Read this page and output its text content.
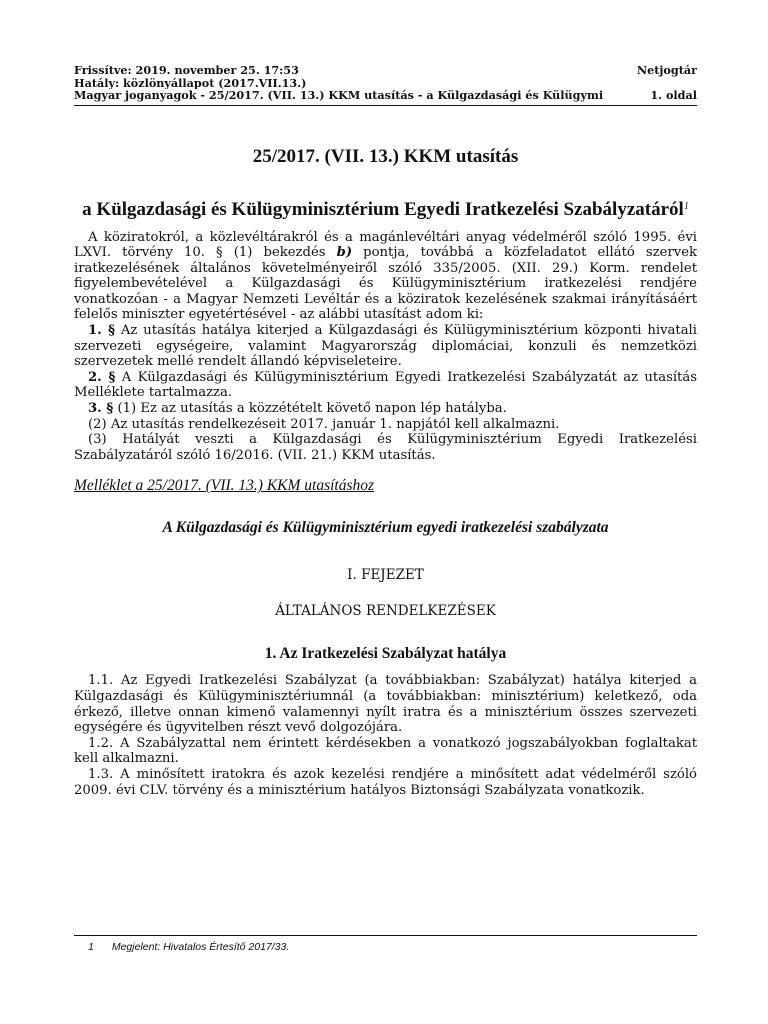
Frissítve: 2019. november 25. 17:53	Netjogtár
Hatály: közlönyállapot (2017.VII.13.)
Magyar joganyagok - 25/2017. (VII. 13.) KKM utasítás - a Külgazdasági és Külügymi	1. oldal
25/2017. (VII. 13.) KKM utasítás
a Külgazdasági és Külügyminisztérium Egyedi Iratkezelési Szabályzatáról$^1$

A köziratokról, a közlevéltárakról és a magánlevéltári anyag védelméről szóló 1995. évi LXVI. törvény 10. § (1) bekezdés b) pontja, továbbá a közfeladatot ellátó szervek iratkezelésének általános követelményeiről szóló 335/2005. (XII. 29.) Korm. rendelet figyelembevételével a Külgazdasági és Külügyminisztérium iratkezelési rendjére vonatkozóan - a Magyar Nemzeti Levéltár és a köziratok kezelésének szakmai irányításáért felelős miniszter egyetértésével - az alábbi utasítást adom ki:

1. § Az utasítás hatálya kiterjed a Külgazdasági és Külügyminisztérium központi hivatali szervezeti egységeire, valamint Magyarország diplomáciai, konzuli és nemzetközi szervezetek mellé rendelt állandó képviseleteire.

2. § A Külgazdasági és Külügyminisztérium Egyedi Iratkezelési Szabályzatát az utasítás Melléklete tartalmazza.

3. § (1) Ez az utasítás a közzétételt követő napon lép hatályba.

(2) Az utasítás rendelkezéseit 2017. január 1. napjától kell alkalmazni.

(3) Hatályát veszti a Külgazdasági és Külügyminisztérium Egyedi Iratkezelési Szabályzatáról szóló 16/2016. (VII. 21.) KKM utasítás.

Melléklet a 25/2017. (VII. 13.) KKM utasításhoz
A Külgazdasági és Külügyminisztérium egyedi iratkezelési szabályzata
I. FEJEZET
ÁLTALÁNOS RENDELKEZÉSEK
1. Az Iratkezelési Szabályzat hatálya

1.1. Az Egyedi Iratkezelési Szabályzat (a továbbiakban: Szabályzat) hatálya kiterjed a Külgazdasági és Külügyminisztériumnál (a továbbiakban: minisztérium) keletkező, oda érkező, illetve onnan kimenő valamennyi nyílt iratra és a minisztérium összes szervezeti egységére és ügyvitelben részt vevő dolgozójára.

1.2. A Szabályzattal nem érintett kérdésekben a vonatkozó jogszabályokban foglaltakat kell alkalmazni.

1.3. A minősített iratokra és azok kezelési rendjére a minősített adat védelméről szóló 2009. évi CLV. törvény és a minisztérium hatályos Biztonsági Szabályzata vonatkozik.

1 Megjelent: Hivatalos Értesítő 2017/33.
